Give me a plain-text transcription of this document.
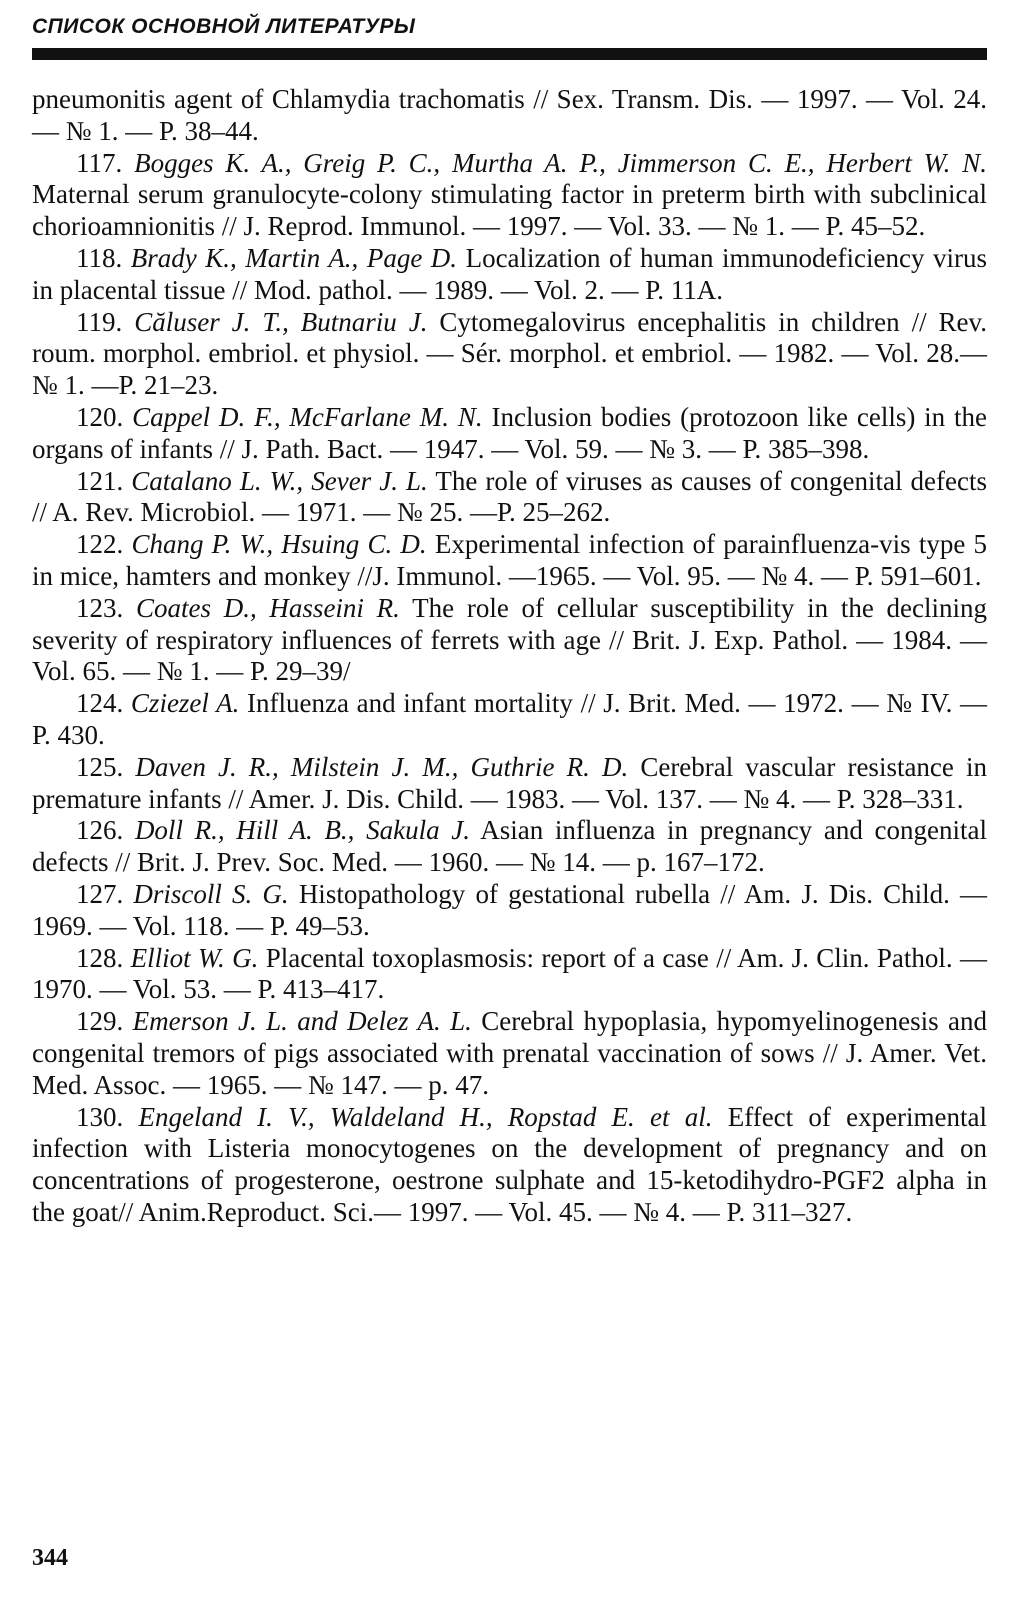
СПИСОК ОСНОВНОЙ ЛИТЕРАТУРЫ

pneumonitis agent of Chlamydia trachomatis // Sex. Transm. Dis. — 1997. — Vol. 24. — № 1. — P. 38–44.

117. Bogges K. A., Greig P. C., Murtha A. P., Jimmerson C. E., Herbert W. N. Maternal serum granulocyte-colony stimulating factor in preterm birth with subclinical chorioamnionitis // J. Reprod. Immunol. — 1997. — Vol. 33. — № 1. — P. 45–52.

118. Brady K., Martin A., Page D. Localization of human immunodeficiency virus in placental tissue // Mod. pathol. — 1989. — Vol. 2. — P. 11A.

119. Căluser J. T., Butnariu J. Cytomegalovirus encephalitis in children // Rev. roum. morphol. embriol. et physiol. — Sér. morphol. et embriol. — 1982. — Vol. 28.— № 1. —P. 21–23.

120. Cappel D. F., McFarlane M. N. Inclusion bodies (protozoon like cells) in the organs of infants // J. Path. Bact. — 1947. — Vol. 59. — № 3. — P. 385–398.

121. Catalano L. W., Sever J. L. The role of viruses as causes of congenital defects // A. Rev. Microbiol. — 1971. — № 25. —P. 25–262.

122. Chang P. W., Hsuing C. D. Experimental infection of parainfluenza-vis type 5 in mice, hamters and monkey //J. Immunol. —1965. — Vol. 95. — № 4. — P. 591–601.

123. Coates D., Hasseini R. The role of cellular susceptibility in the declining severity of respiratory influences of ferrets with age // Brit. J. Exp. Pathol. — 1984. — Vol. 65. — № 1. — P. 29–39/

124. Cziezel A. Influenza and infant mortality // J. Brit. Med. — 1972. — № IV. — P. 430.

125. Daven J. R., Milstein J. M., Guthrie R. D. Cerebral vascular resistance in premature infants // Amer. J. Dis. Child. — 1983. — Vol. 137. — № 4. — P. 328–331.

126. Doll R., Hill A. B., Sakula J. Asian influenza in pregnancy and congenital defects // Brit. J. Prev. Soc. Med. — 1960. — № 14. — p. 167–172.

127. Driscoll S. G. Histopathology of gestational rubella // Am. J. Dis. Child. — 1969. — Vol. 118. — P. 49–53.

128. Elliot W. G. Placental toxoplasmosis: report of a case // Am. J. Clin. Pathol. — 1970. — Vol. 53. — P. 413–417.

129. Emerson J. L. and Delez A. L. Cerebral hypoplasia, hypomyelinogenesis and congenital tremors of pigs associated with prenatal vaccination of sows // J. Amer. Vet. Med. Assoc. — 1965. — № 147. — p. 47.

130. Engeland I. V., Waldeland H., Ropstad E. et al. Effect of experimental infection with Listeria monocytogenes on the development of pregnancy and on concentrations of progesterone, oestrone sulphate and 15-ketodihydro-PGF2 alpha in the goat// Anim.Reproduct. Sci.— 1997. — Vol. 45. — № 4. — P. 311–327.

344
